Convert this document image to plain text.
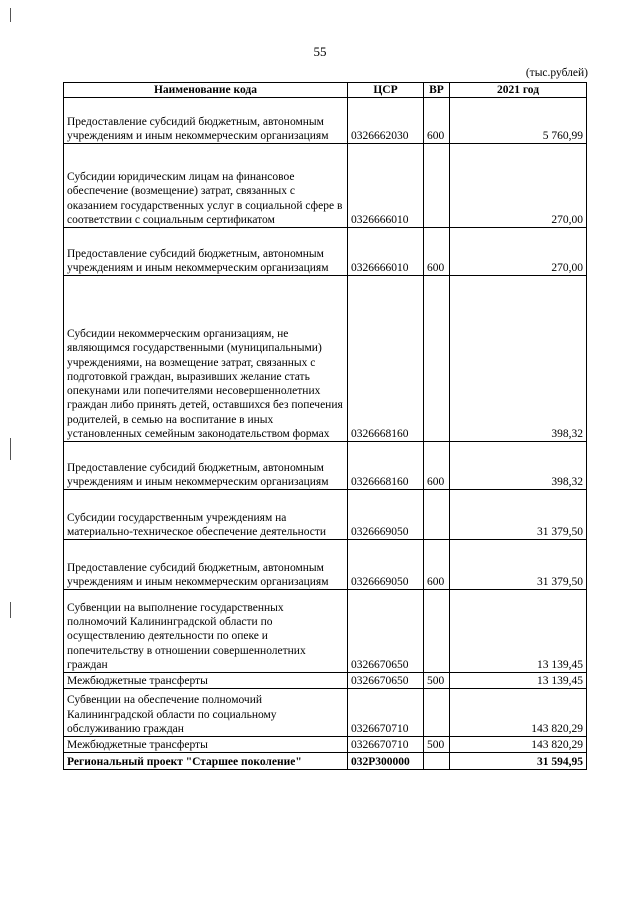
55
(тыс.рублей)
Наименование кода	ЦСР	ВР	2021 год
Предоставление субсидий бюджетным, автономным учреждениям и иным некоммерческим организациям	0326662030	600	5 760,99
Субсидии юридическим лицам на финансовое обеспечение (возмещение) затрат, связанных с оказанием государственных услуг в социальной сфере в соответствии с социальным сертификатом	0326666010		270,00
Предоставление субсидий бюджетным, автономным учреждениям и иным некоммерческим организациям	0326666010	600	270,00
Субсидии некоммерческим организациям, не являющимся государственными (муниципальными) учреждениями, на возмещение затрат, связанных с подготовкой граждан, выразивших желание стать опекунами или попечителями несовершеннолетних граждан либо принять детей, оставшихся без попечения родителей, в семью на воспитание в иных установленных семейным законодательством формах	0326668160		398,32
Предоставление субсидий бюджетным, автономным учреждениям и иным некоммерческим организациям	0326668160	600	398,32
Субсидии государственным учреждениям на материально-техническое обеспечение деятельности	0326669050		31 379,50
Предоставление субсидий бюджетным, автономным учреждениям и иным некоммерческим организациям	0326669050	600	31 379,50
Субвенции на выполнение государственных полномочий Калининградской области по осуществлению деятельности по опеке и попечительству в отношении совершеннолетних граждан	0326670650		13 139,45
Межбюджетные трансферты	0326670650	500	13 139,45
Субвенции на обеспечение полномочий Калининградской области по социальному обслуживанию граждан	0326670710		143 820,29
Межбюджетные трансферты	0326670710	500	143 820,29
Региональный проект "Старшее поколение"	032P300000		31 594,95
